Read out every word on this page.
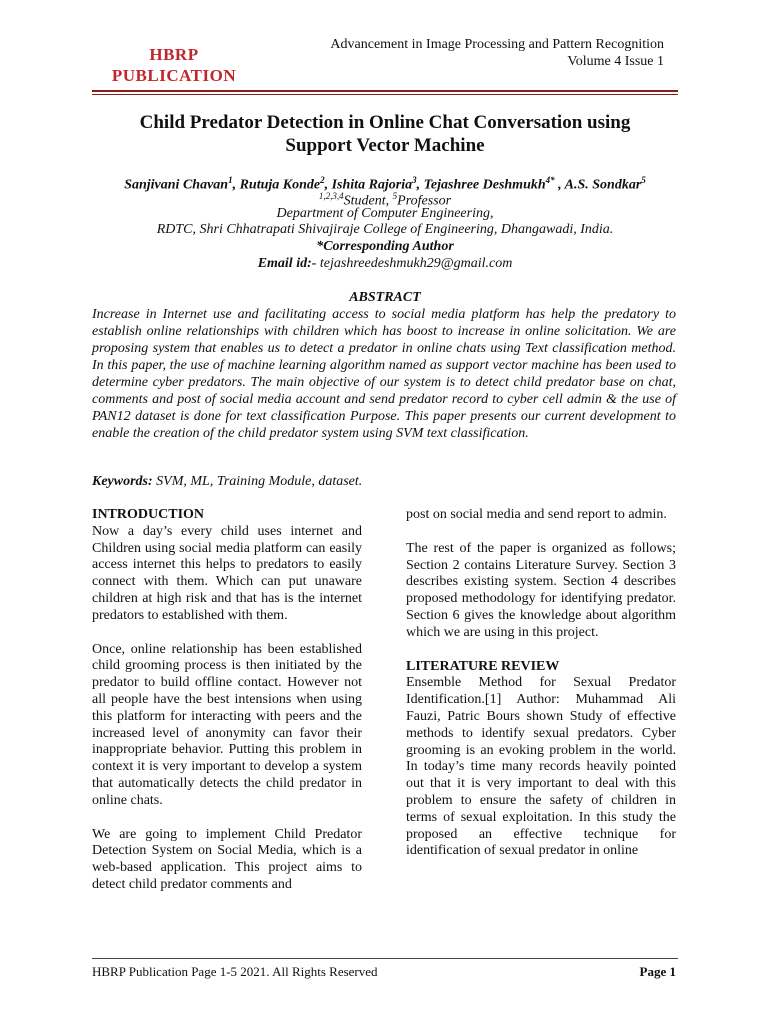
HBRP
PUBLICATION
Advancement in Image Processing and Pattern Recognition
Volume 4 Issue 1
Child Predator Detection in Online Chat Conversation using
Support Vector Machine
Sanjivani Chavan$^1$, Rutuja Konde$^2$, Ishita Rajoria$^3$, Tejashree Deshmukh$^{4*}$ , A.S. Sondkar$^5$
$^{1,2,3,4}$Student, $^5$Professor
Department of Computer Engineering,
RDTC, Shri Chhatrapati Shivajiraje College of Engineering, Dhangawadi, India.
*Corresponding Author
Email id:- tejashreedeshmukh29@gmail.com
ABSTRACT
Increase in Internet use and facilitating access to social media platform has help the predatory to establish online relationships with children which has boost to increase in online solicitation. We are proposing system that enables us to detect a predator in online chats using Text classification method. In this paper, the use of machine learning algorithm named as support vector machine has been used to determine cyber predators. The main objective of our system is to detect child predator base on chat, comments and post of social media account and send predator record to cyber cell admin & the use of PAN12 dataset is done for text classification Purpose. This paper presents our current development to enable the creation of the child predator system using SVM text classification.
Keywords: SVM, ML, Training Module, dataset.
INTRODUCTION

Now a day’s every child uses internet and Children using social media platform can easily access internet this helps to predators to easily connect with them. Which can put unaware children at high risk and that has is the internet predators to established with them.

Once, online relationship has been established child grooming process is then initiated by the predator to build offline contact. However not all people have the best intensions when using this platform for interacting with peers and the increased level of anonymity can favor their inappropriate behavior. Putting this problem in context it is very important to develop a system that automatically detects the child predator in online chats.

We are going to implement Child Predator Detection System on Social Media, which is a web-based application. This project aims to detect child predator comments and

post on social media and send report to admin.

The rest of the paper is organized as follows; Section 2 contains Literature Survey. Section 3 describes existing system. Section 4 describes proposed methodology for identifying predator. Section 6 gives the knowledge about algorithm which we are using in this project.

LITERATURE REVIEW

Ensemble Method for Sexual Predator Identification.[1] Author: Muhammad Ali Fauzi, Patric Bours shown Study of effective methods to identify sexual predators. Cyber grooming is an evoking problem in the world. In today’s time many records heavily pointed out that it is very important to deal with this problem to ensure the safety of children in terms of sexual exploitation. In this study the proposed an effective technique for identification of sexual predator in online

HBRP Publication Page 1-5 2021. All Rights Reserved	Page 1
